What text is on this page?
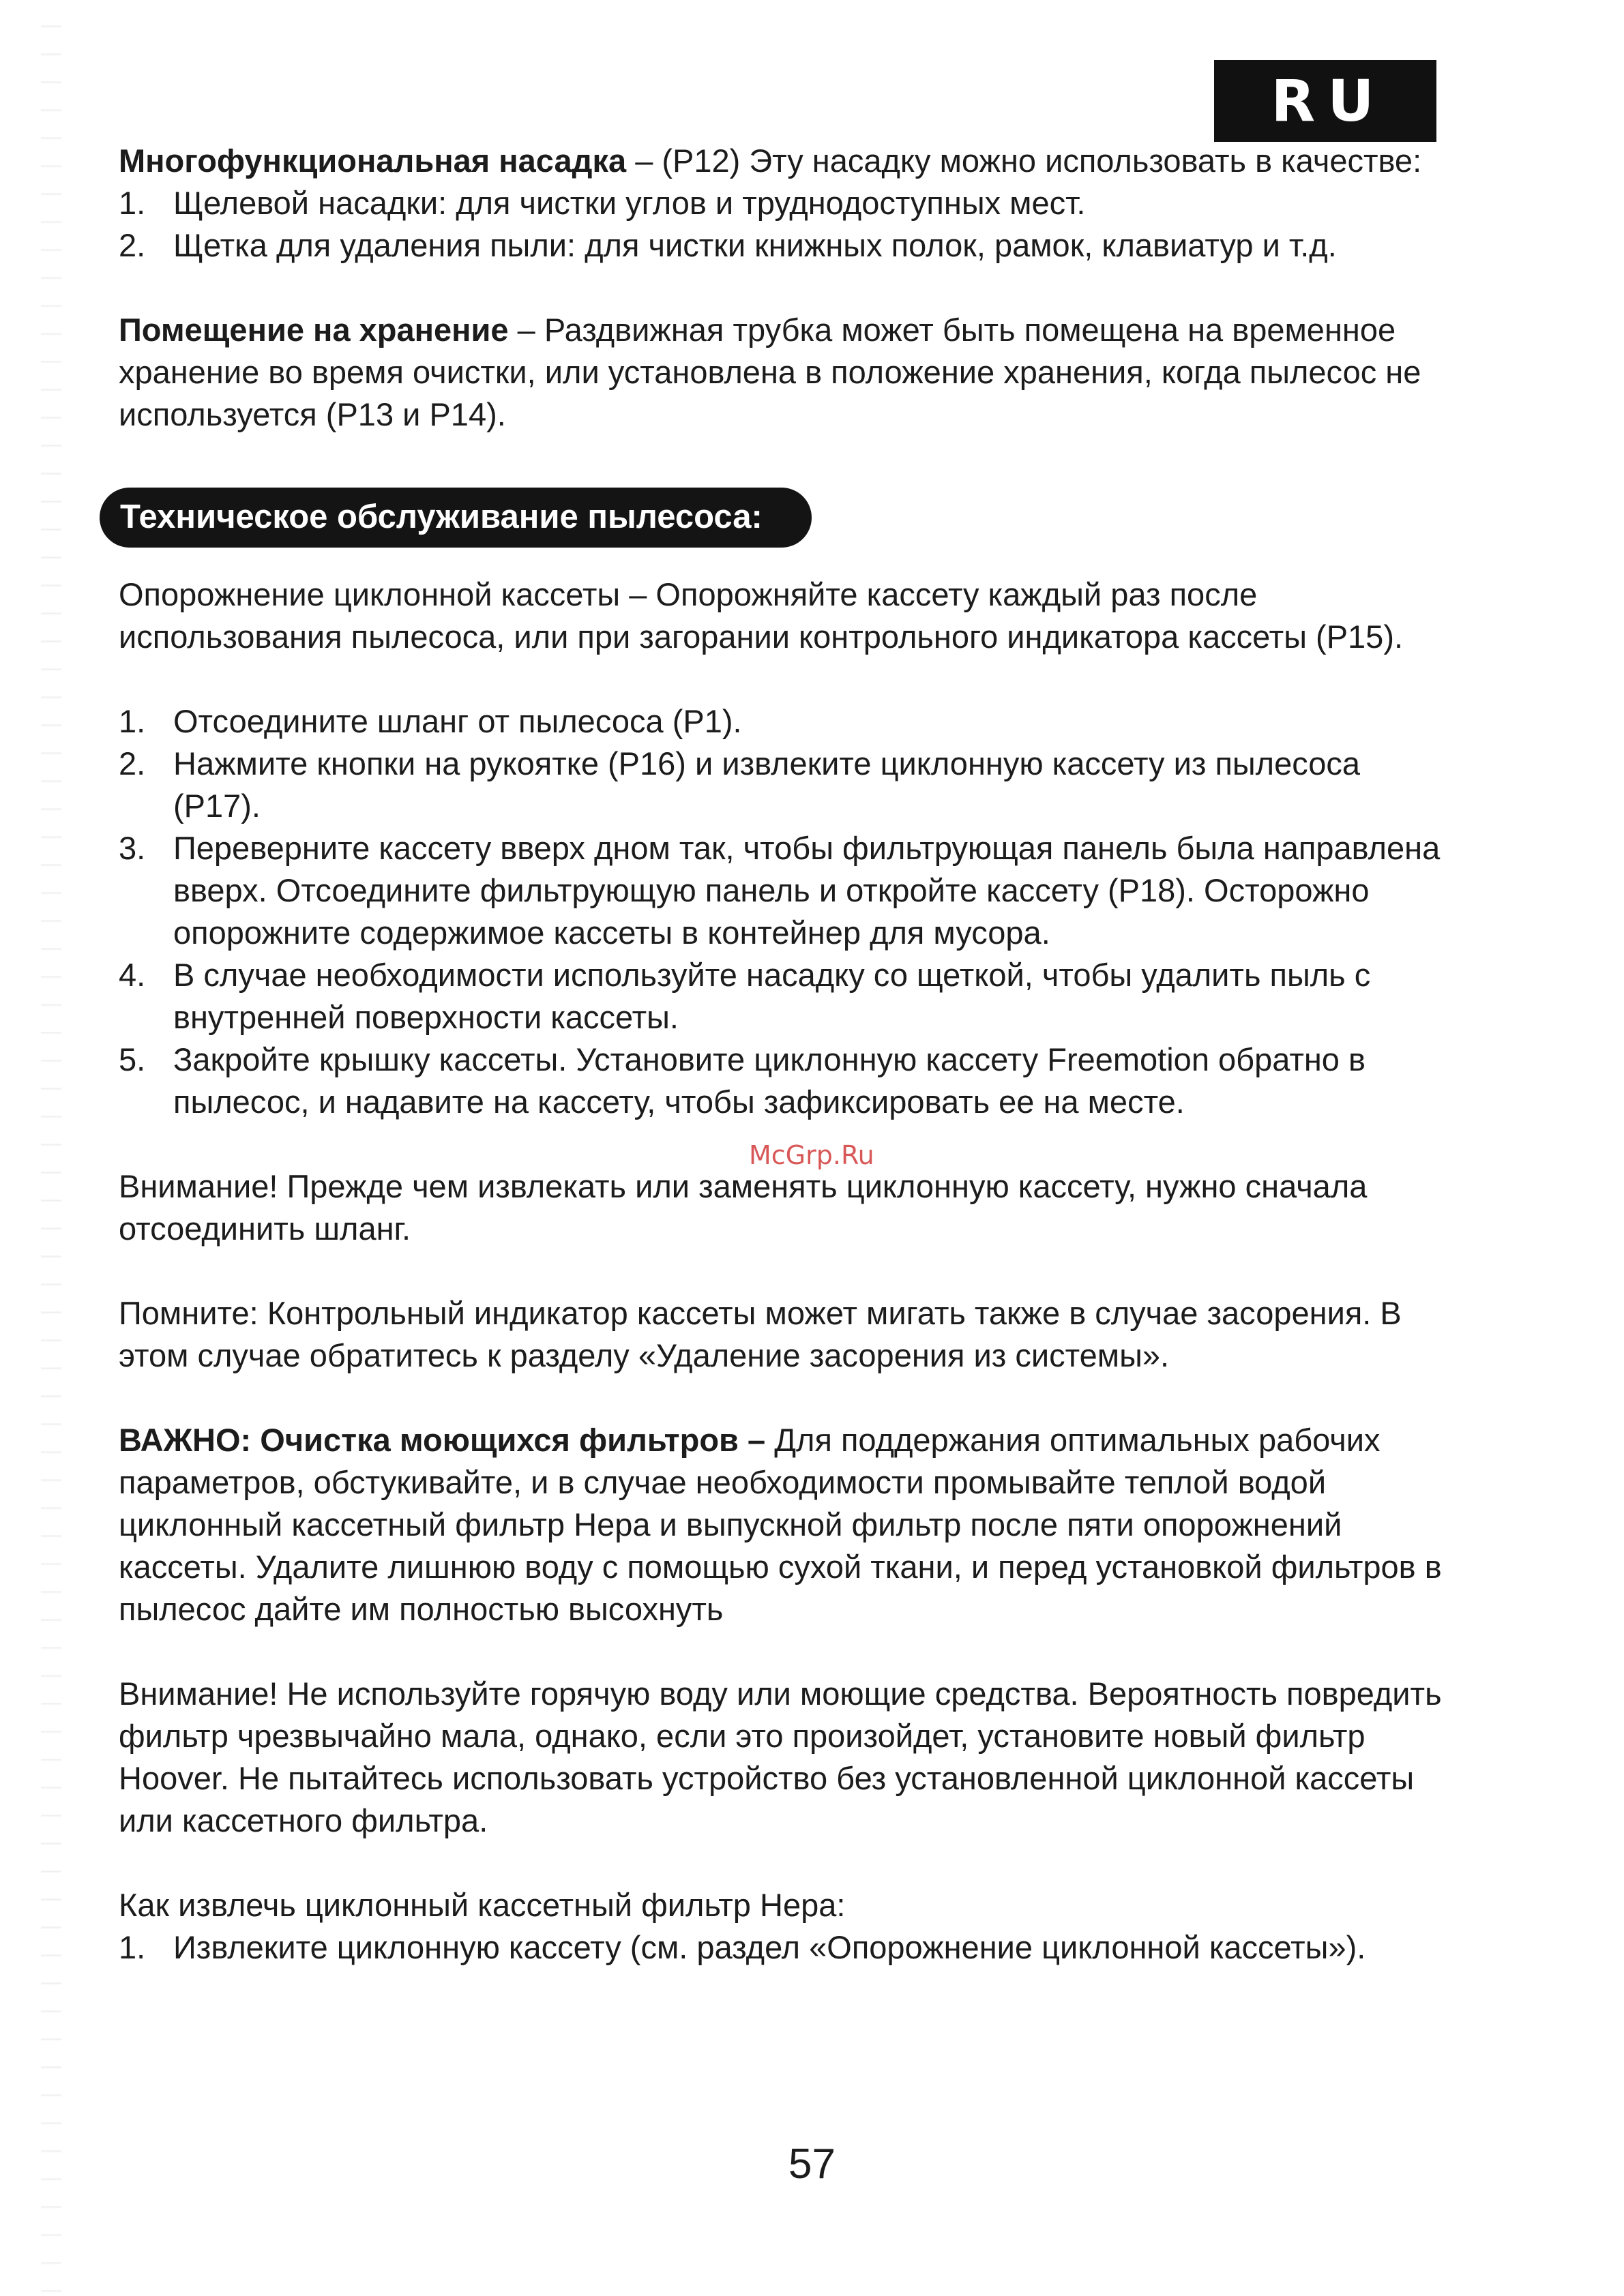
RU

Многофункциональная насадка – (P12) Эту насадку можно использовать в качестве:

1. Щелевой насадки: для чистки углов и труднодоступных мест.
2. Щетка для удаления пыли: для чистки книжных полок, рамок, клавиатур и т.д.

Помещение на хранение – Раздвижная трубка может быть помещена на временное хранение во время очистки, или установлена в положение хранения, когда пылесос не используется (P13 и P14).

Техническое обслуживание пылесоса:

Опорожнение циклонной кассеты – Опорожняйте кассету каждый раз после использования пылесоса, или при загорании контрольного индикатора кассеты (P15).

1. Отсоедините шланг от пылесоса (P1).
2. Нажмите кнопки на рукоятке (P16) и извлеките циклонную кассету из пылесоса (P17).
3. Переверните кассету вверх дном так, чтобы фильтрующая панель была направлена вверх. Отсоедините фильтрующую панель и откройте кассету (P18). Осторожно опорожните содержимое кассеты в контейнер для мусора.
4. В случае необходимости используйте насадку со щеткой, чтобы удалить пыль с внутренней поверхности кассеты.
5. Закройте крышку кассеты. Установите циклонную кассету Freemotion обратно в пылесос, и надавите на кассету, чтобы зафиксировать ее на месте.

Внимание! Прежде чем извлекать или заменять циклонную кассету, нужно сначала отсоединить шланг.

Помните: Контрольный индикатор кассеты может мигать также в случае засорения. В этом случае обратитесь к разделу «Удаление засорения из системы».

ВАЖНО: Очистка моющихся фильтров – Для поддержания оптимальных рабочих параметров, обстукивайте, и в случае необходимости промывайте теплой водой циклонный кассетный фильтр Hepa и выпускной фильтр после пяти опорожнений кассеты. Удалите лишнюю воду с помощью сухой ткани, и перед установкой фильтров в пылесос дайте им полностью высохнуть

Внимание! Не используйте горячую воду или моющие средства. Вероятность повредить фильтр чрезвычайно мала, однако, если это произойдет, установите новый фильтр Hoover. Не пытайтесь использовать устройство без установленной циклонной кассеты или кассетного фильтра.

Как извлечь циклонный кассетный фильтр Hepa:

1. Извлеките циклонную кассету (см. раздел «Опорожнение циклонной кассеты»).
McGrp.Ru
57
